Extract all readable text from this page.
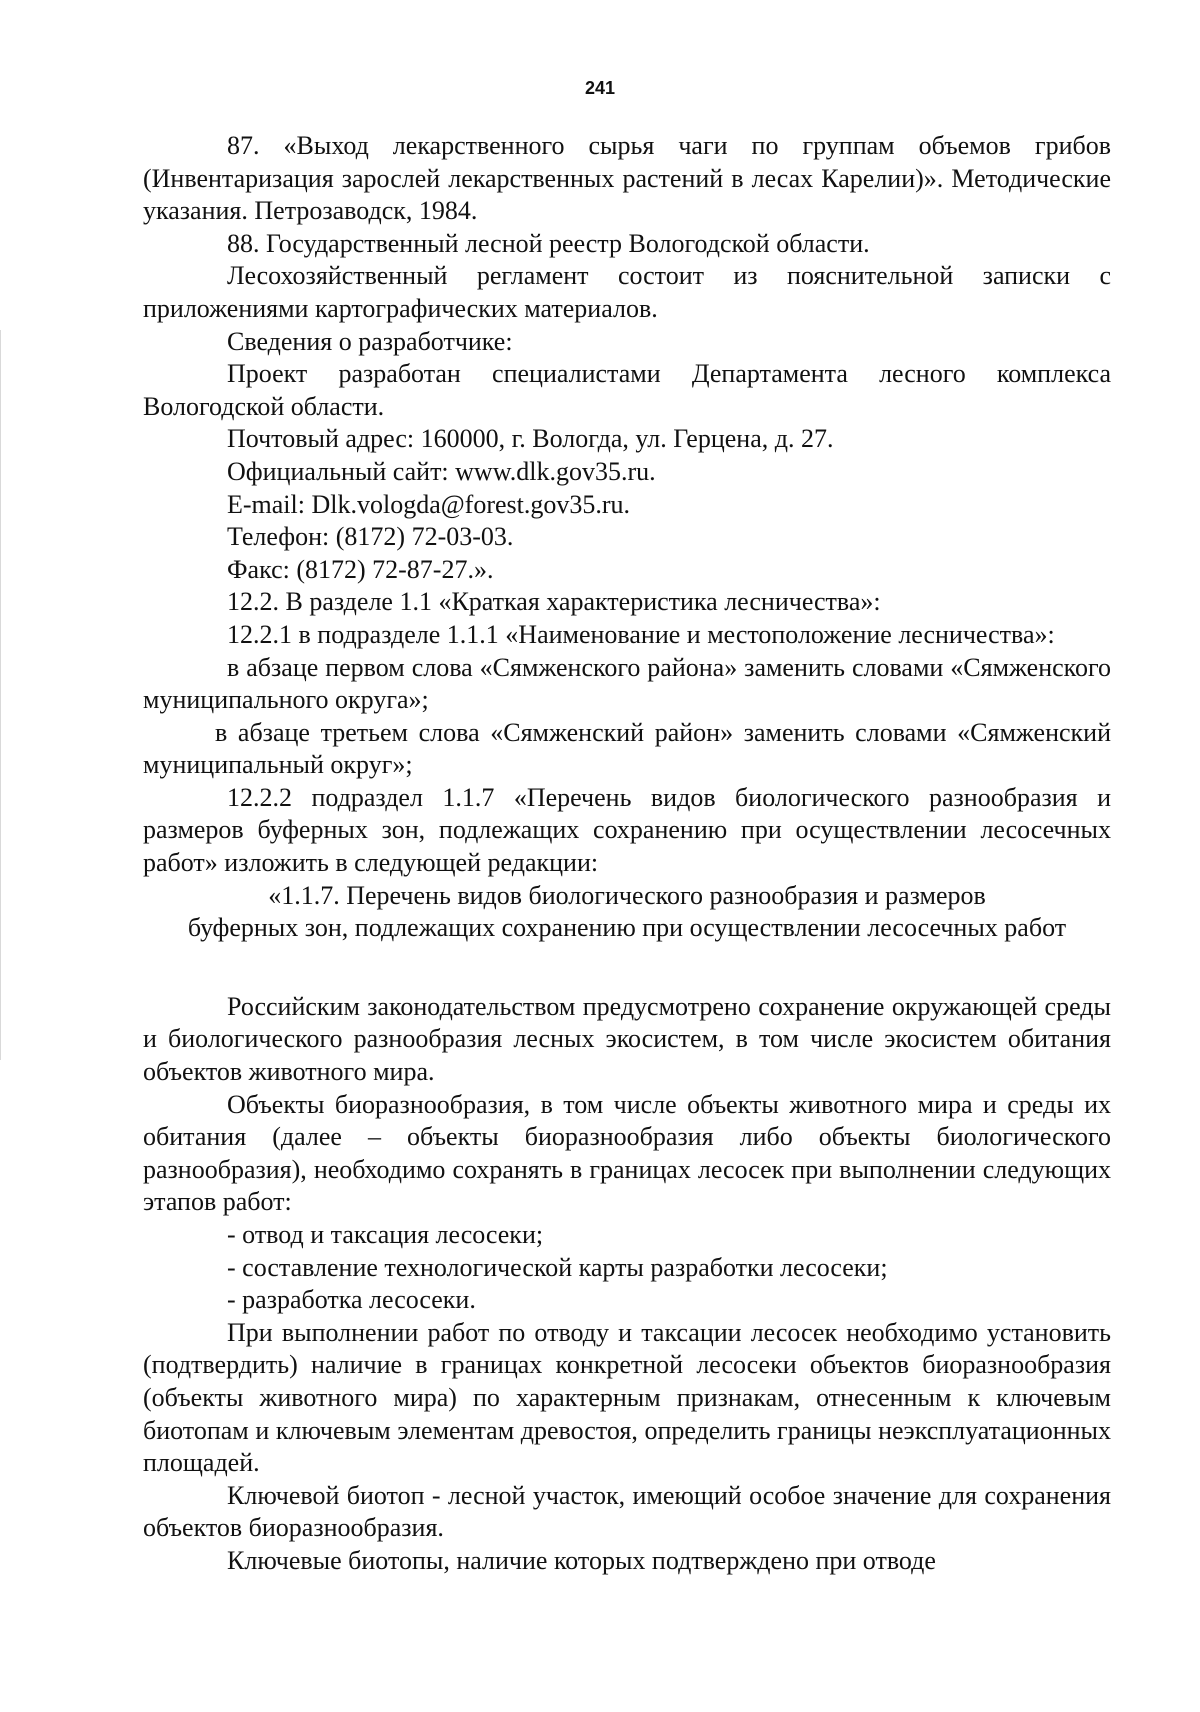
241

87. «Выход лекарственного сырья чаги по группам объемов грибов (Инвентаризация зарослей лекарственных растений в лесах Карелии)». Методические указания. Петрозаводск, 1984.

88. Государственный лесной реестр Вологодской области.

Лесохозяйственный регламент состоит из пояснительной записки с приложениями картографических материалов.

Сведения о разработчике:

Проект разработан специалистами Департамента лесного комплекса Вологодской области.

Почтовый адрес: 160000, г. Вологда, ул. Герцена, д. 27.

Официальный сайт: www.dlk.gov35.ru.

E-mail: Dlk.vologda@forest.gov35.ru.

Телефон: (8172) 72-03-03.

Факс: (8172) 72-87-27.».

12.2. В разделе 1.1 «Краткая характеристика лесничества»:

12.2.1 в подразделе 1.1.1 «Наименование и местоположение лесничества»:

в абзаце первом слова «Сямженского района» заменить словами «Сямженского муниципального округа»;

в абзаце третьем слова «Сямженский район» заменить словами «Сямженский муниципальный округ»;

12.2.2 подраздел 1.1.7 «Перечень видов биологического разнообразия и размеров буферных зон, подлежащих сохранению при осуществлении лесосечных работ» изложить в следующей редакции:

«1.1.7. Перечень видов биологического разнообразия и размеров
буферных зон, подлежащих сохранению при осуществлении лесосечных работ

Российским законодательством предусмотрено сохранение окружающей среды и биологического разнообразия лесных экосистем, в том числе экосистем обитания объектов животного мира.

Объекты биоразнообразия, в том числе объекты животного мира и среды их обитания (далее – объекты биоразнообразия либо объекты биологического разнообразия), необходимо сохранять в границах лесосек при выполнении следующих этапов работ:

- отвод и таксация лесосеки;

- составление технологической карты разработки лесосеки;

- разработка лесосеки.

При выполнении работ по отводу и таксации лесосек необходимо установить (подтвердить) наличие в границах конкретной лесосеки объектов биоразнообразия (объекты животного мира) по характерным признакам, отнесенным к ключевым биотопам и ключевым элементам древостоя, определить границы неэксплуатационных площадей.

Ключевой биотоп - лесной участок, имеющий особое значение для сохранения объектов биоразнообразия.

Ключевые биотопы, наличие которых подтверждено при отводе
